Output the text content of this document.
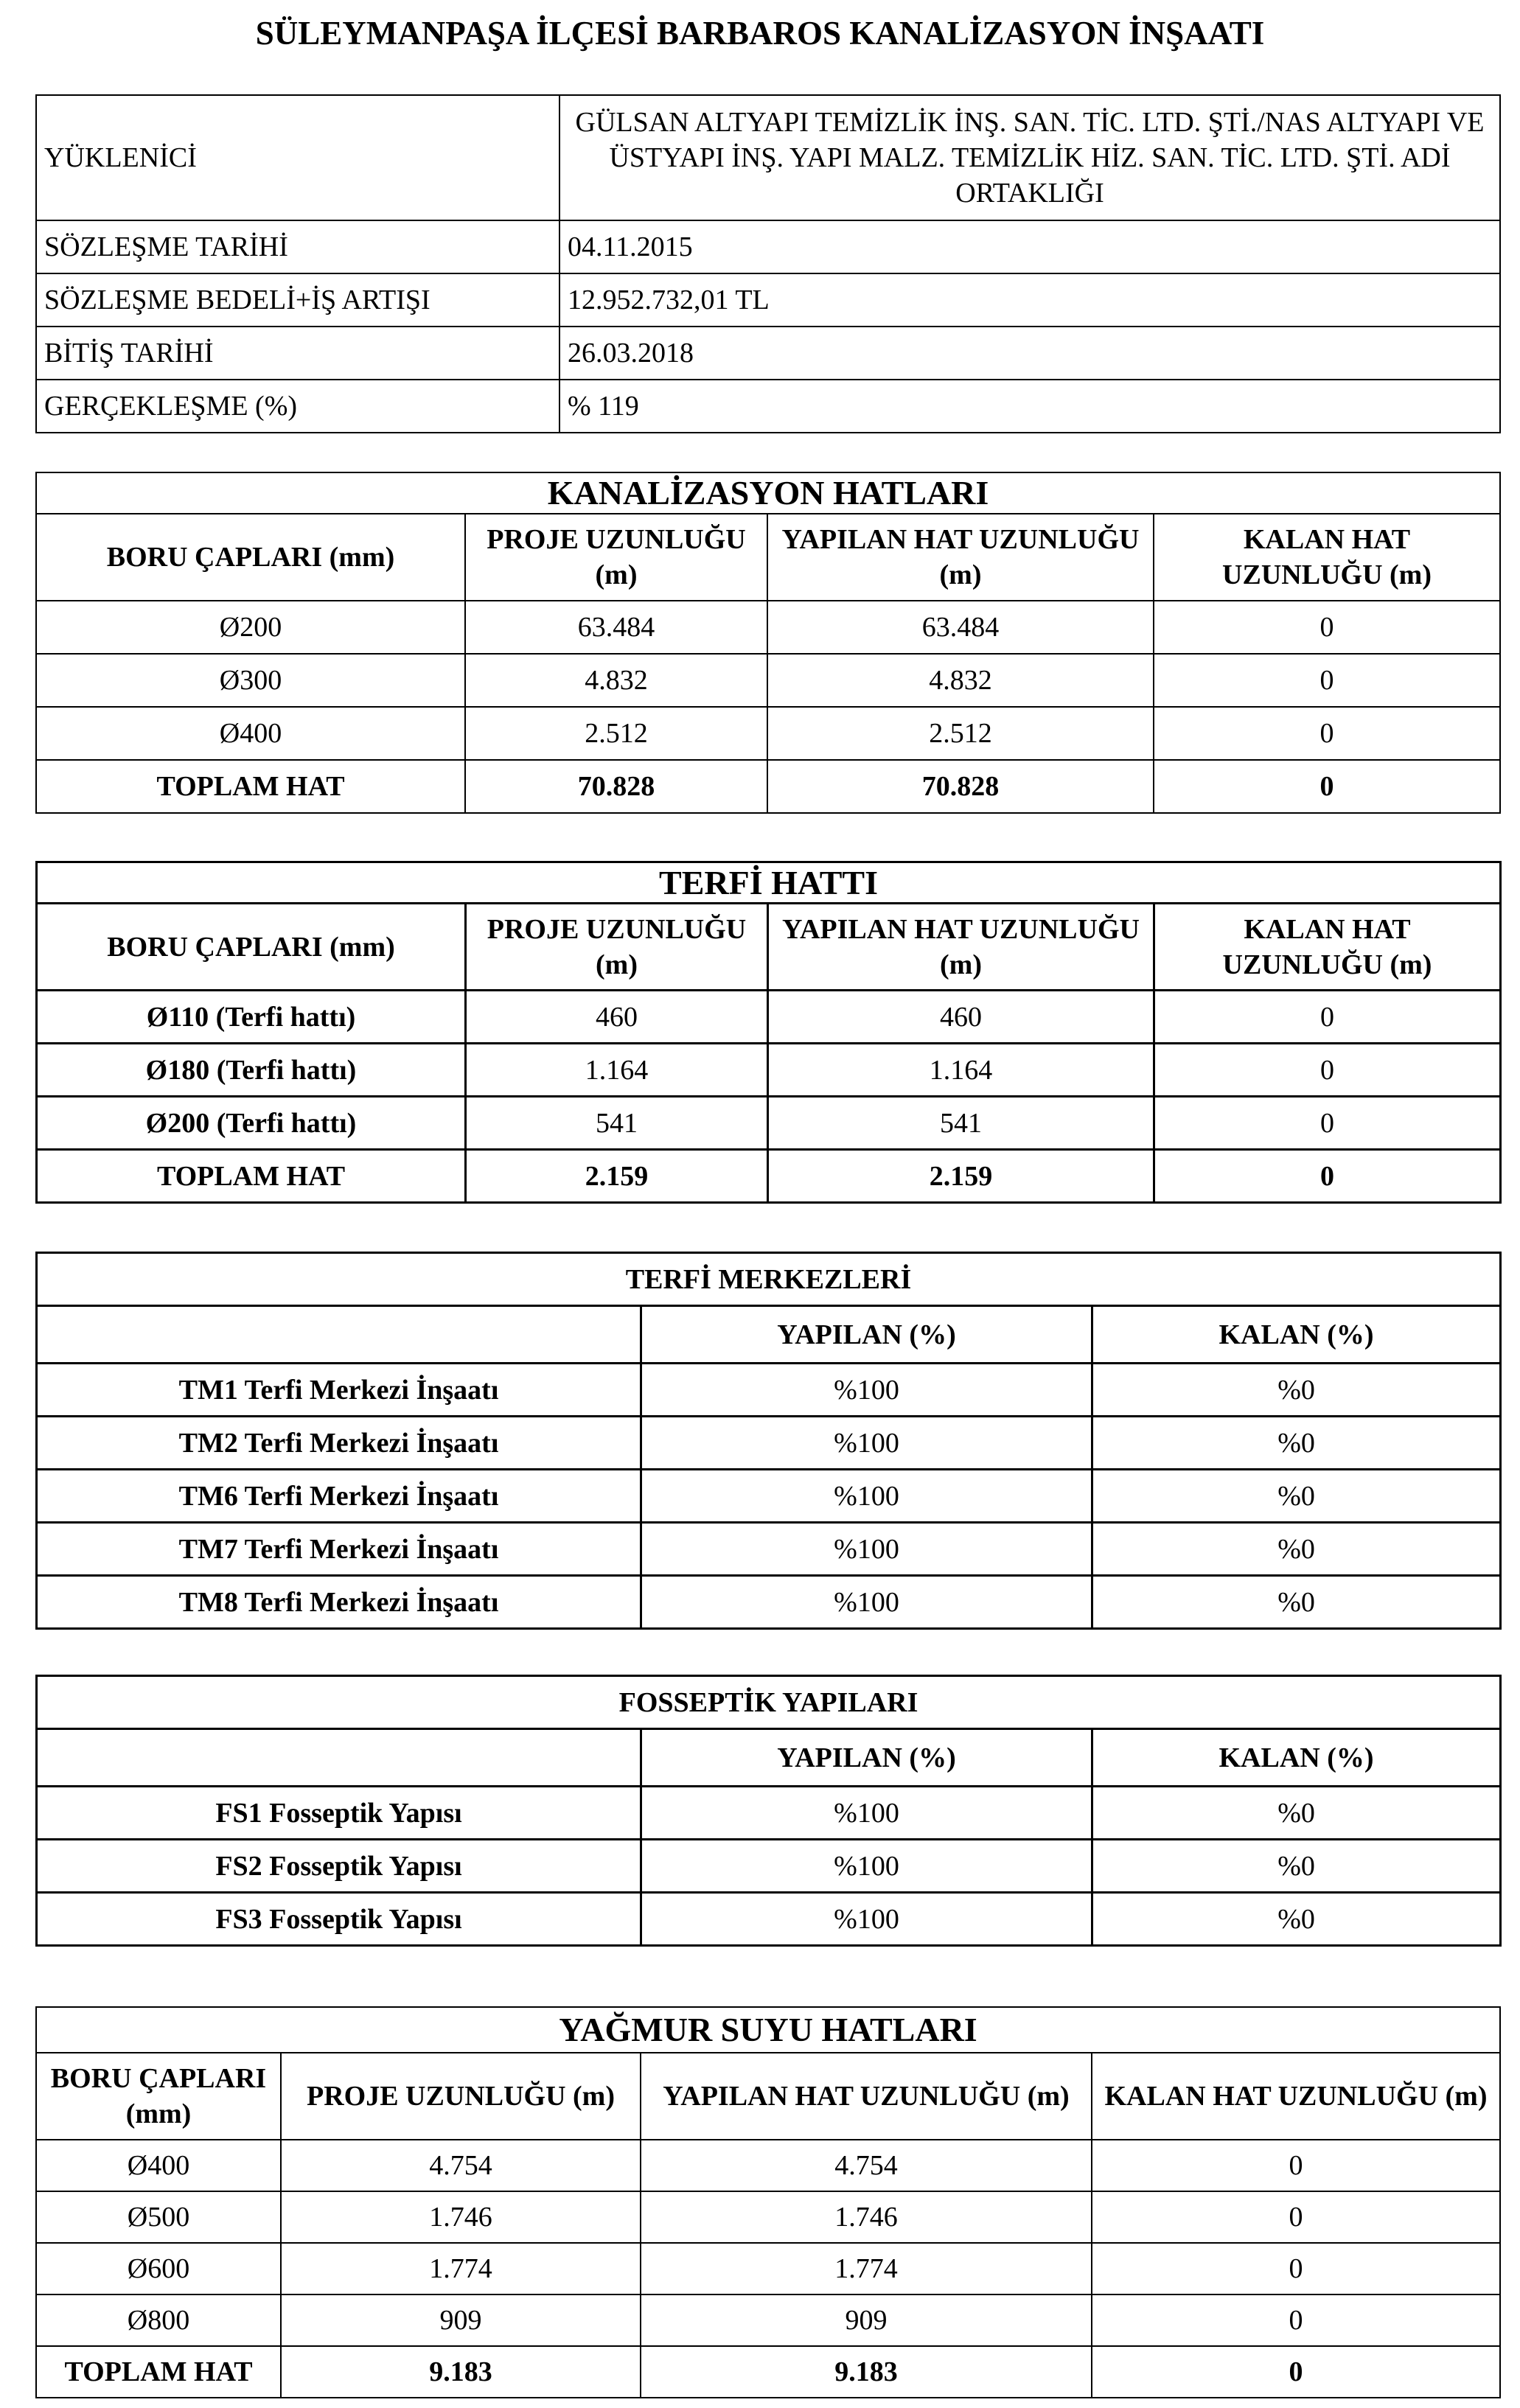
SÜLEYMANPAŞA İLÇESİ BARBAROS KANALİZASYON İNŞAATI
YÜKLENİCİ	GÜLSAN ALTYAPI TEMİZLİK İNŞ. SAN. TİC. LTD. ŞTİ./NAS ALTYAPI VE ÜSTYAPI İNŞ. YAPI MALZ. TEMİZLİK HİZ. SAN. TİC. LTD. ŞTİ. ADİ ORTAKLIĞI
SÖZLEŞME TARİHİ	04.11.2015
SÖZLEŞME BEDELİ+İŞ ARTIŞI	12.952.732,01 TL
BİTİŞ TARİHİ	26.03.2018
GERÇEKLEŞME (%)	% 119
KANALİZASYON HATLARI			
BORU ÇAPLARI (mm)	PROJE UZUNLUĞU (m)	YAPILAN HAT UZUNLUĞU (m)	KALAN HAT UZUNLUĞU (m)
Ø200	63.484	63.484	0
Ø300	4.832	4.832	0
Ø400	2.512	2.512	0
TOPLAM HAT	70.828	70.828	0
TERFİ HATTI			
BORU ÇAPLARI (mm)	PROJE UZUNLUĞU (m)	YAPILAN HAT UZUNLUĞU (m)	KALAN HAT UZUNLUĞU (m)
Ø110 (Terfi hattı)	460	460	0
Ø180 (Terfi hattı)	1.164	1.164	0
Ø200 (Terfi hattı)	541	541	0
TOPLAM HAT	2.159	2.159	0
TERFİ MERKEZLERİ		
	YAPILAN (%)	KALAN (%)
TM1 Terfi Merkezi İnşaatı	%100	%0
TM2 Terfi Merkezi İnşaatı	%100	%0
TM6 Terfi Merkezi İnşaatı	%100	%0
TM7 Terfi Merkezi İnşaatı	%100	%0
TM8 Terfi Merkezi İnşaatı	%100	%0
FOSSEPTİK YAPILARI		
	YAPILAN (%)	KALAN (%)
FS1 Fosseptik Yapısı	%100	%0
FS2 Fosseptik Yapısı	%100	%0
FS3 Fosseptik Yapısı	%100	%0
YAĞMUR SUYU HATLARI			
BORU ÇAPLARI (mm)	PROJE UZUNLUĞU (m)	YAPILAN HAT UZUNLUĞU (m)	KALAN HAT UZUNLUĞU (m)
Ø400	4.754	4.754	0
Ø500	1.746	1.746	0
Ø600	1.774	1.774	0
Ø800	909	909	0
TOPLAM HAT	9.183	9.183	0
